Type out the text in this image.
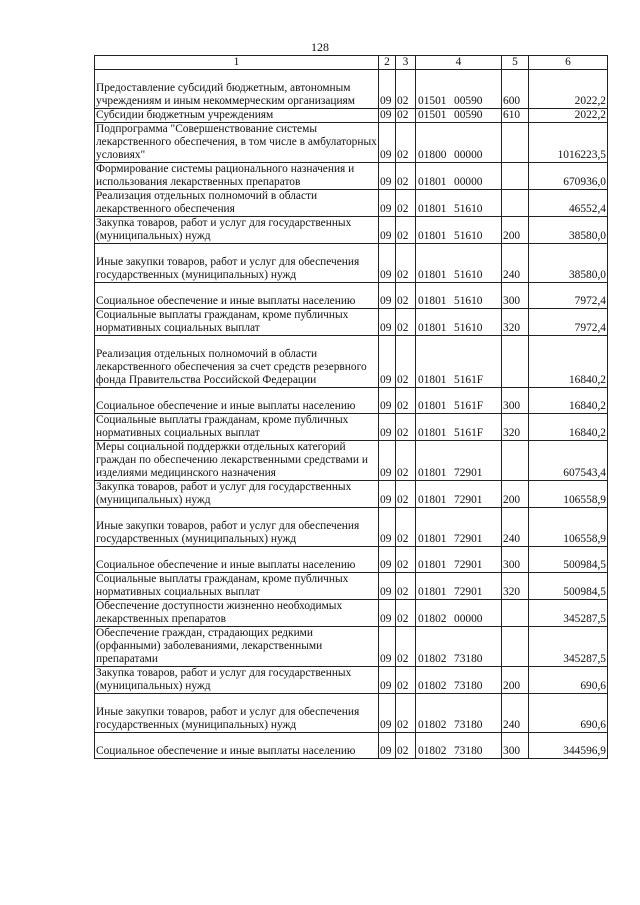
128
1	2	3	4	5	6
Предоставление субсидий бюджетным, автономным учреждениям и иным некоммерческим организациям	09	02	01501 00590	600	2022,2
Субсидии бюджетным учреждениям	09	02	01501 00590	610	2022,2
Подпрограмма "Совершенствование системы лекарственного обеспечения, в том числе в амбулаторных условиях"	09	02	01800 00000		1016223,5
Формирование системы рационального назначения и использования лекарственных препаратов	09	02	01801 00000		670936,0
Реализация отдельных полномочий в области лекарственного обеспечения	09	02	01801 51610		46552,4
Закупка товаров, работ и услуг для государственных (муниципальных) нужд	09	02	01801 51610	200	38580,0
Иные закупки товаров, работ и услуг для обеспечения государственных (муниципальных) нужд	09	02	01801 51610	240	38580,0
Социальное обеспечение и иные выплаты населению	09	02	01801 51610	300	7972,4
Социальные выплаты гражданам, кроме публичных нормативных социальных выплат	09	02	01801 51610	320	7972,4
Реализация отдельных полномочий в области лекарственного обеспечения за счет средств резервного фонда Правительства Российской Федерации	09	02	01801 5161F		16840,2
Социальное обеспечение и иные выплаты населению	09	02	01801 5161F	300	16840,2
Социальные выплаты гражданам, кроме публичных нормативных социальных выплат	09	02	01801 5161F	320	16840,2
Меры социальной поддержки отдельных категорий граждан по обеспечению лекарственными средствами и изделиями медицинского назначения	09	02	01801 72901		607543,4
Закупка товаров, работ и услуг для государственных (муниципальных) нужд	09	02	01801 72901	200	106558,9
Иные закупки товаров, работ и услуг для обеспечения государственных (муниципальных) нужд	09	02	01801 72901	240	106558,9
Социальное обеспечение и иные выплаты населению	09	02	01801 72901	300	500984,5
Социальные выплаты гражданам, кроме публичных нормативных социальных выплат	09	02	01801 72901	320	500984,5
Обеспечение доступности жизненно необходимых лекарственных препаратов	09	02	01802 00000		345287,5
Обеспечение граждан, страдающих редкими (орфанными) заболеваниями, лекарственными препаратами	09	02	01802 73180		345287,5
Закупка товаров, работ и услуг для государственных (муниципальных) нужд	09	02	01802 73180	200	690,6
Иные закупки товаров, работ и услуг для обеспечения государственных (муниципальных) нужд	09	02	01802 73180	240	690,6
Социальное обеспечение и иные выплаты населению	09	02	01802 73180	300	344596,9
